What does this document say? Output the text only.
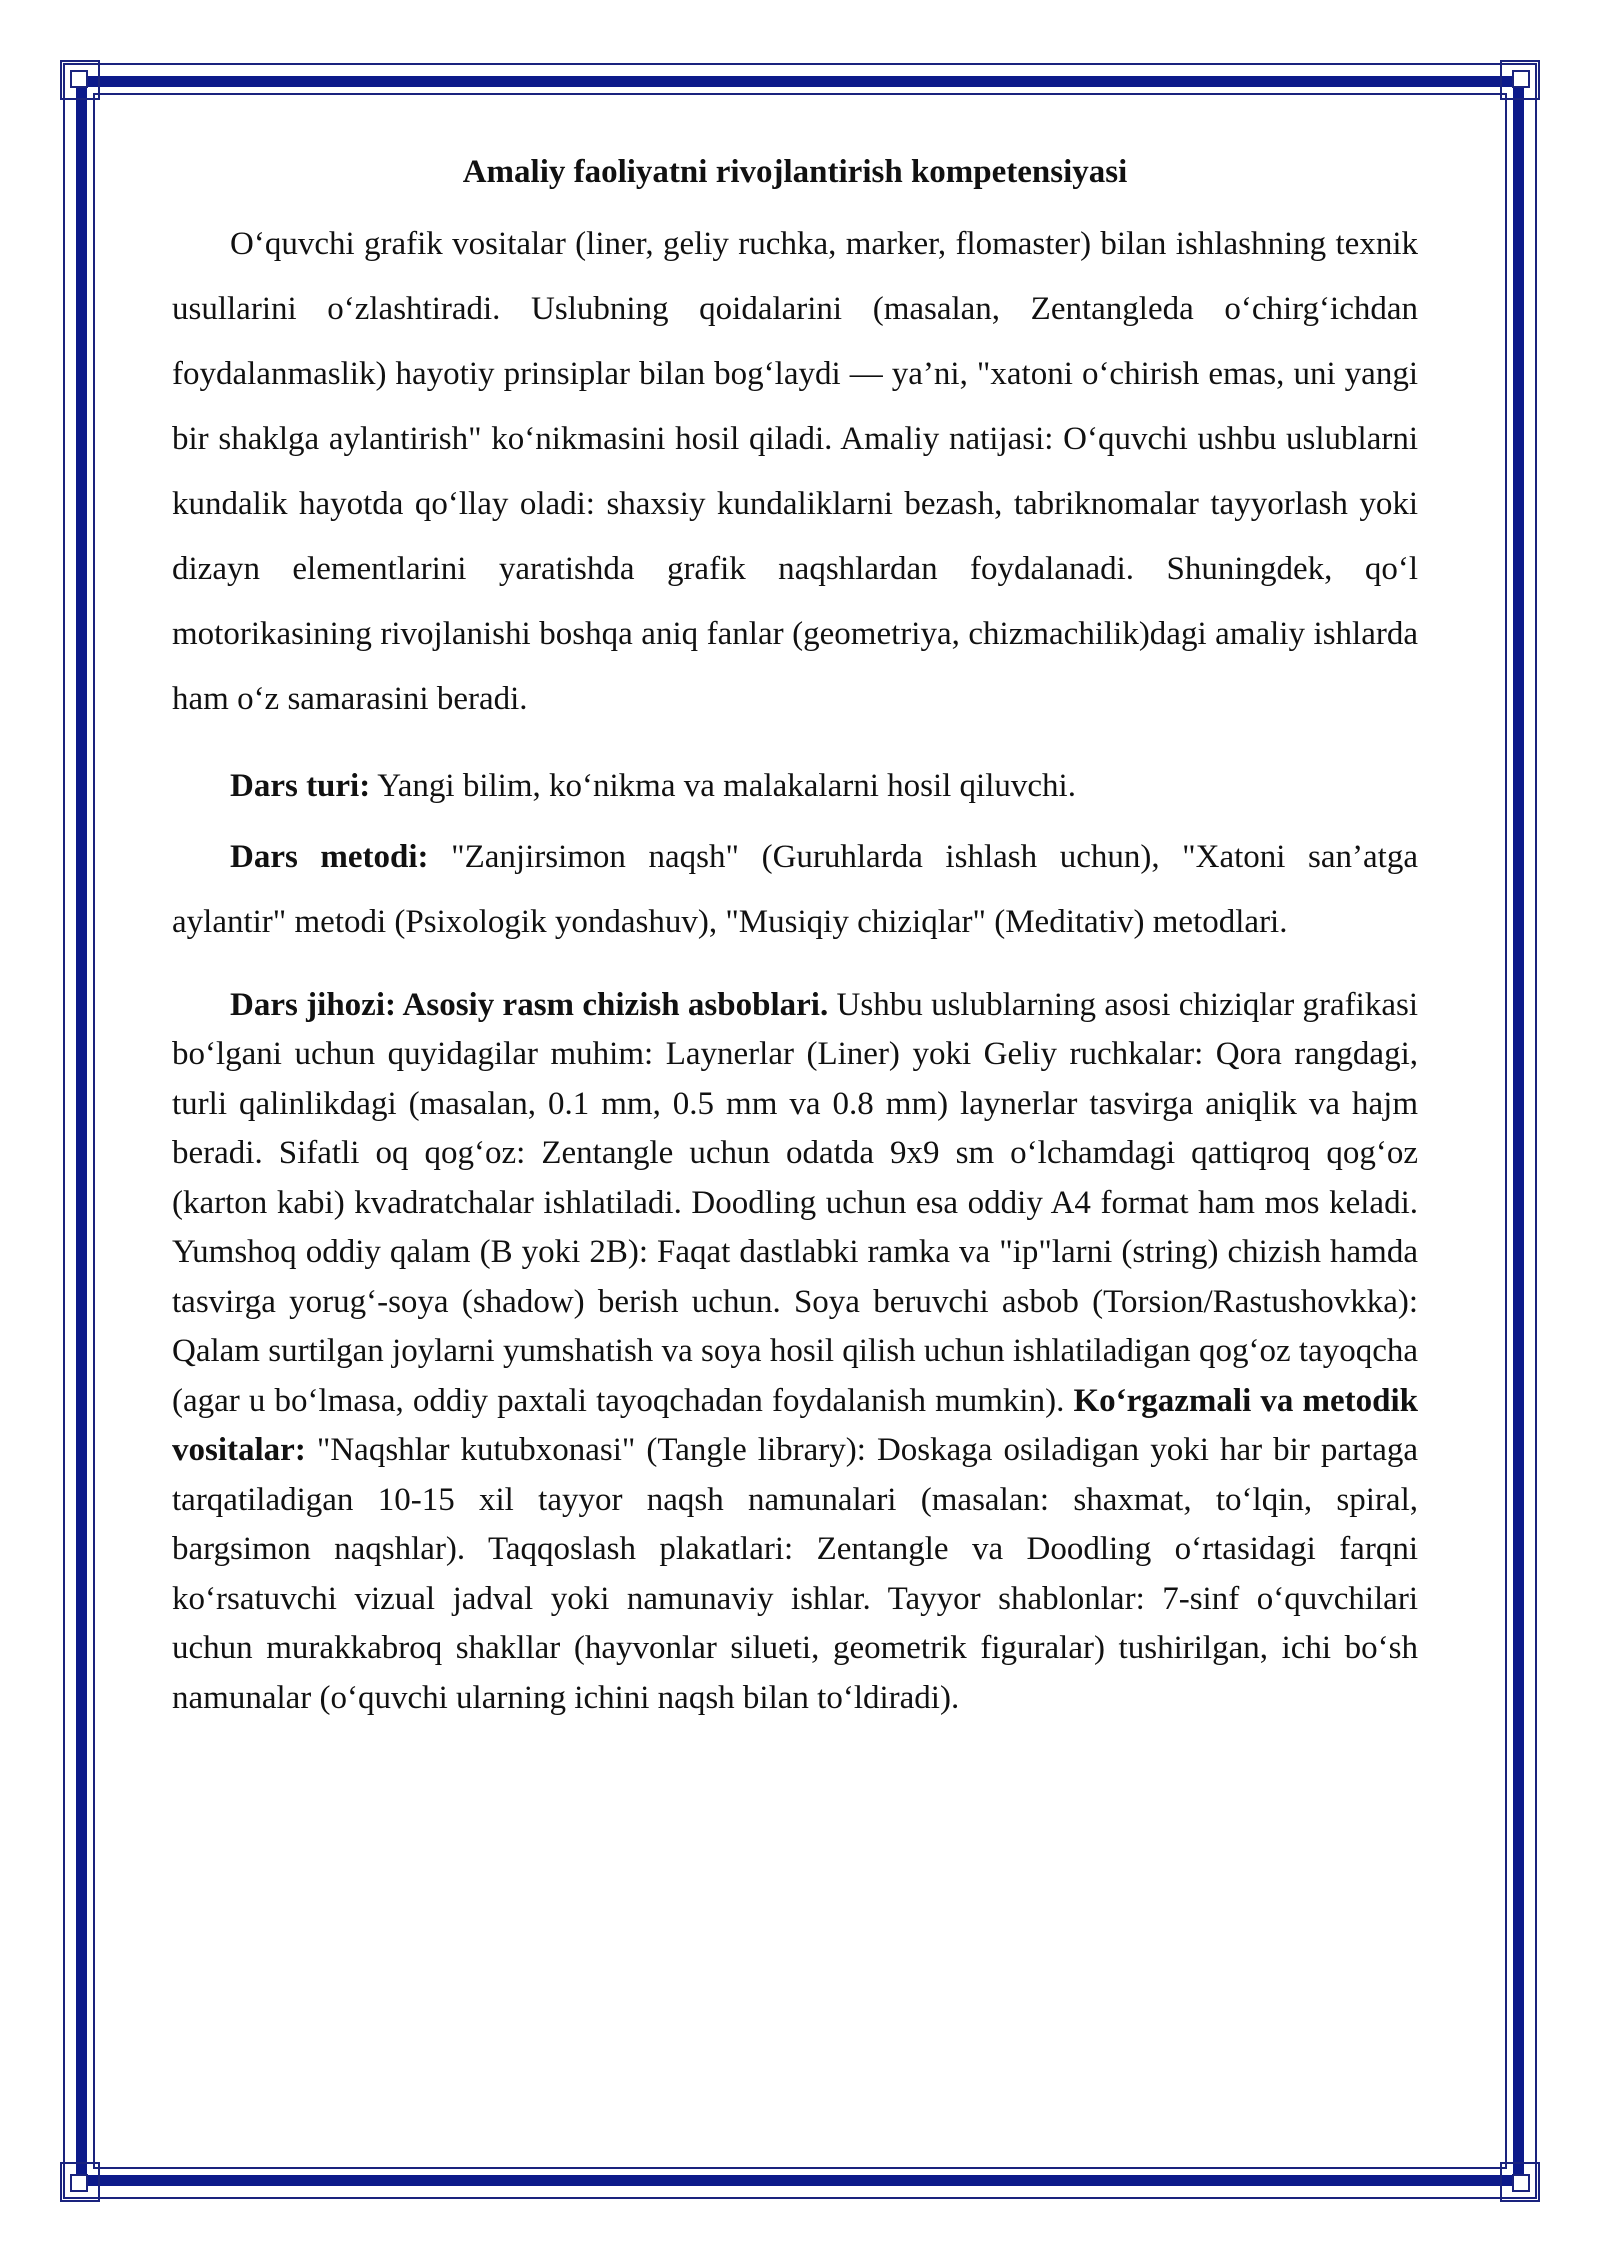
Amaliy faoliyatni rivojlantirish kompetensiyasi

O‘quvchi grafik vositalar (liner, geliy ruchka, marker, flomaster) bilan ishlashning texnik usullarini o‘zlashtiradi. Uslubning qoidalarini (masalan, Zentangleda o‘chirg‘ichdan foydalanmaslik) hayotiy prinsiplar bilan bog‘laydi — ya’ni, "xatoni o‘chirish emas, uni yangi bir shaklga aylantirish" ko‘nikmasini hosil qiladi. Amaliy natijasi: O‘quvchi ushbu uslublarni kundalik hayotda qo‘llay oladi: shaxsiy kundaliklarni bezash, tabriknomalar tayyorlash yoki dizayn elementlarini yaratishda grafik naqshlardan foydalanadi. Shuningdek, qo‘l motorikasining rivojlanishi boshqa aniq fanlar (geometriya, chizmachilik)dagi amaliy ishlarda ham o‘z samarasini beradi.

Dars turi: Yangi bilim, ko‘nikma va malakalarni hosil qiluvchi.

Dars metodi: "Zanjirsimon naqsh" (Guruhlarda ishlash uchun), "Xatoni san’atga aylantir" metodi (Psixologik yondashuv), "Musiqiy chiziqlar" (Meditativ) metodlari.

Dars jihozi: Asosiy rasm chizish asboblari. Ushbu uslublarning asosi chiziqlar grafikasi bo‘lgani uchun quyidagilar muhim: Laynerlar (Liner) yoki Geliy ruchkalar: Qora rangdagi, turli qalinlikdagi (masalan, 0.1 mm, 0.5 mm va 0.8 mm) laynerlar tasvirga aniqlik va hajm beradi. Sifatli oq qog‘oz: Zentangle uchun odatda 9x9 sm o‘lchamdagi qattiqroq qog‘oz (karton kabi) kvadratchalar ishlatiladi. Doodling uchun esa oddiy A4 format ham mos keladi. Yumshoq oddiy qalam (B yoki 2B): Faqat dastlabki ramka va "ip"larni (string) chizish hamda tasvirga yorug‘-soya (shadow) berish uchun. Soya beruvchi asbob (Torsion/Rastushovkka): Qalam surtilgan joylarni yumshatish va soya hosil qilish uchun ishlatiladigan qog‘oz tayoqcha (agar u bo‘lmasa, oddiy paxtali tayoqchadan foydalanish mumkin). Ko‘rgazmali va metodik vositalar: "Naqshlar kutubxonasi" (Tangle library): Doskaga osiladigan yoki har bir partaga tarqatiladigan 10-15 xil tayyor naqsh namunalari (masalan: shaxmat, to‘lqin, spiral, bargsimon naqshlar). Taqqoslash plakatlari: Zentangle va Doodling o‘rtasidagi farqni ko‘rsatuvchi vizual jadval yoki namunaviy ishlar. Tayyor shablonlar: 7-sinf o‘quvchilari uchun murakkabroq shakllar (hayvonlar silueti, geometrik figuralar) tushirilgan, ichi bo‘sh namunalar (o‘quvchi ularning ichini naqsh bilan to‘ldiradi).
